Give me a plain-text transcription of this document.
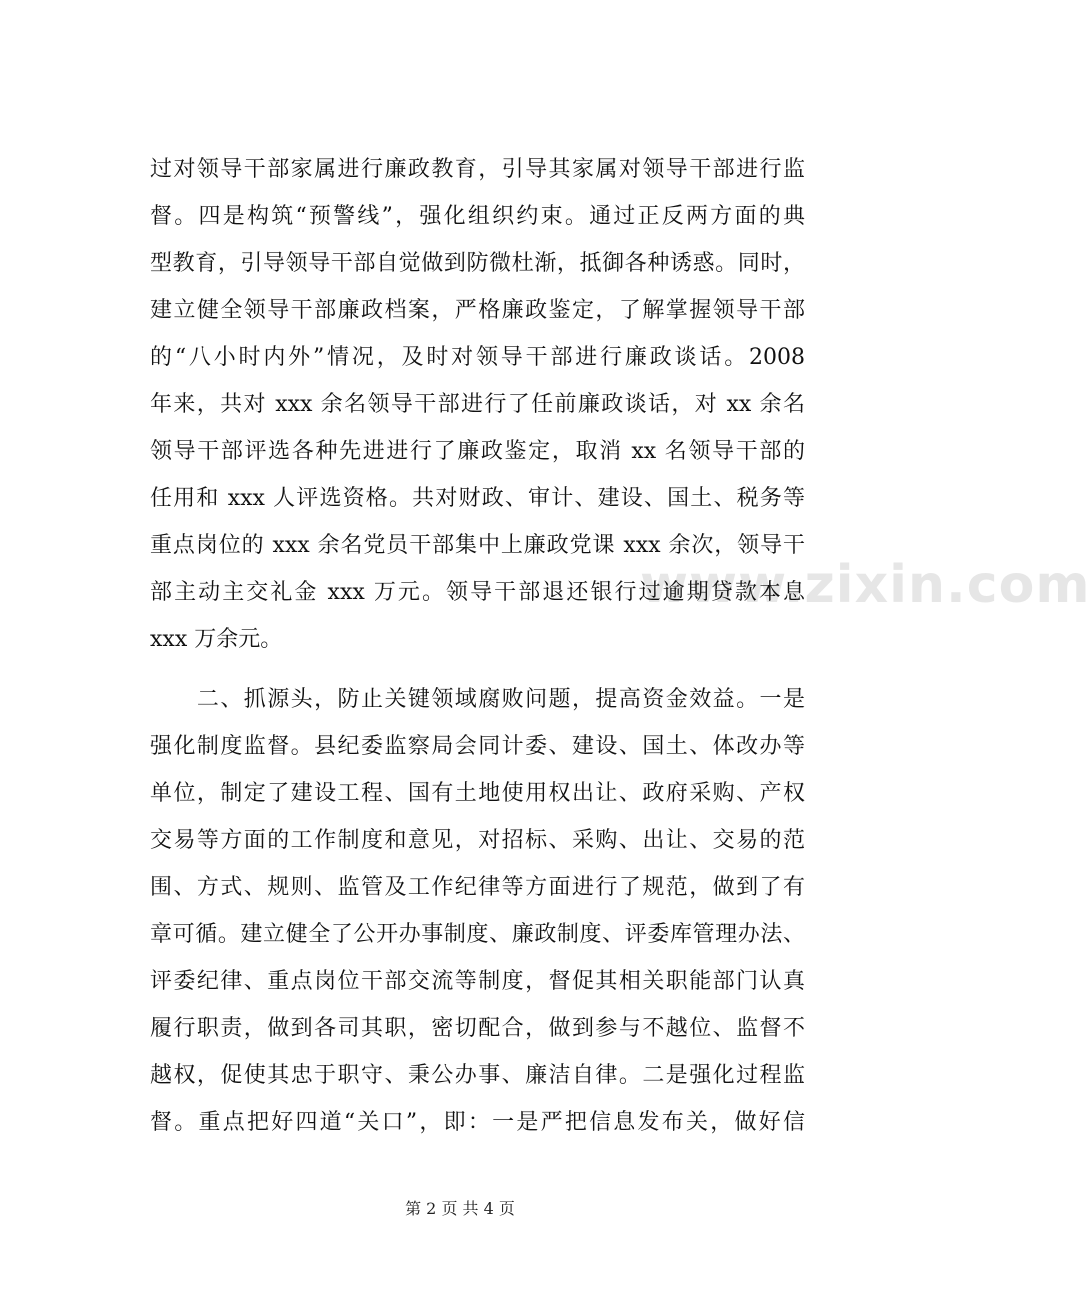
www.zixin.com
过对领导干部家属进行廉政教育，引导其家属对领导干部进行监
督。四是构筑“预警线”，强化组织约束。通过正反两方面的典
型教育，引导领导干部自觉做到防微杜渐，抵御各种诱惑。同时，
建立健全领导干部廉政档案，严格廉政鉴定，了解掌握领导干部
的“八小时内外”情况，及时对领导干部进行廉政谈话。2008
年来，共对 xxx 余名领导干部进行了任前廉政谈话，对 xx 余名
领导干部评选各种先进进行了廉政鉴定，取消 xx 名领导干部的
任用和 xxx 人评选资格。共对财政、审计、建设、国土、税务等
重点岗位的 xxx 余名党员干部集中上廉政党课 xxx 余次，领导干
部主动主交礼金 xxx 万元。领导干部退还银行过逾期贷款本息
xxx 万余元。
　　二、抓源头，防止关键领域腐败问题，提高资金效益。一是
强化制度监督。县纪委监察局会同计委、建设、国土、体改办等
单位，制定了建设工程、国有土地使用权出让、政府采购、产权
交易等方面的工作制度和意见，对招标、采购、出让、交易的范
围、方式、规则、监管及工作纪律等方面进行了规范，做到了有
章可循。建立健全了公开办事制度、廉政制度、评委库管理办法、
评委纪律、重点岗位干部交流等制度，督促其相关职能部门认真
履行职责，做到各司其职，密切配合，做到参与不越位、监督不
越权，促使其忠于职守、秉公办事、廉洁自律。二是强化过程监
督。重点把好四道“关口”，即：一是严把信息发布关，做好信
第 2 页 共 4 页
